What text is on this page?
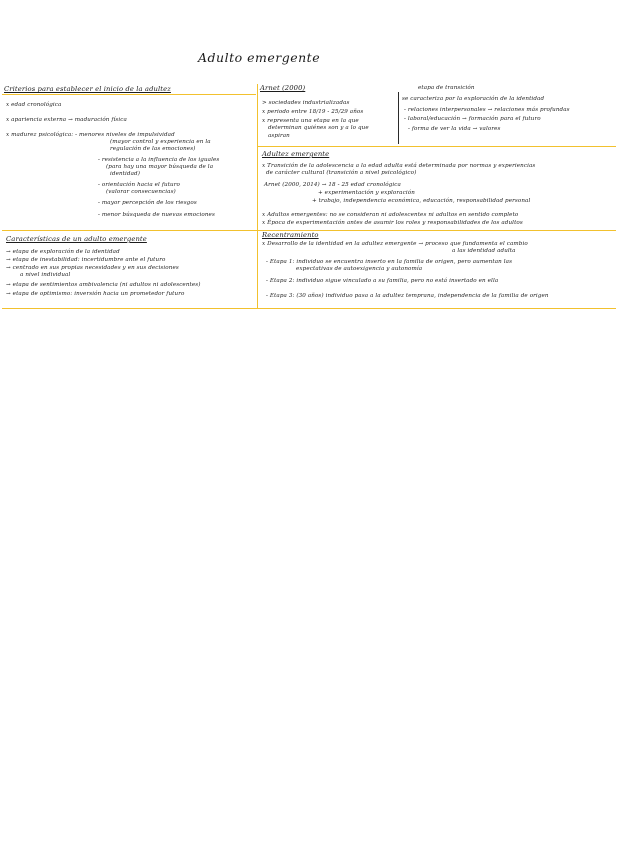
Adulto emergente
Criterios para establecer el inicio de la adultez
x edad cronológica
x apariencia externa → maduración física
x madurez psicológica: - menores niveles de impulsividad
(mayor control y experiencia en la
regulación de las emociones)
- resistencia a la influencia de los iguales
(para hay una mayor búsqueda de la
identidad)
- orientación hacia el futuro
(valorar consecuencias)
- mayor percepción de los riesgos
- menor búsqueda de nuevas emociones
Arnet (2000)
> sociedades industrializadas
x periodo entre 18/19 - 25/29 años
x representa una etapa en la que
determinan quiénes son y a lo que
aspiran
etapa de transición
se caracteriza por la exploración de la identidad
- relaciones interpersonales → relaciones más profundas
- laboral/educación → formación para el futuro
- forma de ver la vida → valores
Adultez emergente
x Transición de la adolescencia a la edad adulta está determinada por normas y experiencias
de carácter cultural (transición a nivel psicológico)
Arnet (2000, 2014) → 18 - 25 edad cronológica
+ experimentación y exploración
+ trabajo, independencia económica, educación, responsabilidad personal
x Adultos emergentes: no se consideran ni adolescentes ni adultos en sentido completo
x Época de experimentación antes de asumir los roles y responsabilidades de los adultos
Características de un adulto emergente
→ etapa de exploración de la identidad
→ etapa de inestabilidad: incertidumbre ante el futuro
→ centrado en sus propias necesidades y en sus decisiones
a nivel individual
→ etapa de sentimientos ambivalencia (ni adultos ni adolescentes)
→ etapa de optimismo: inversión hacia un prometedor futuro
Recentramiento
x Desarrollo de la identidad en la adultez emergente → proceso que fundamenta el cambio
a las identidad adulta
- Etapa 1: individuo se encuentra inserto en la familia de origen, pero aumentan las
expectativas de autoexigencia y autonomía
- Etapa 2: individuo sigue vinculado a su familia, pero no está insertado en ella
- Etapa 3: (30 años) individuo pasa a la adultez temprana, independencia de la familia de origen
